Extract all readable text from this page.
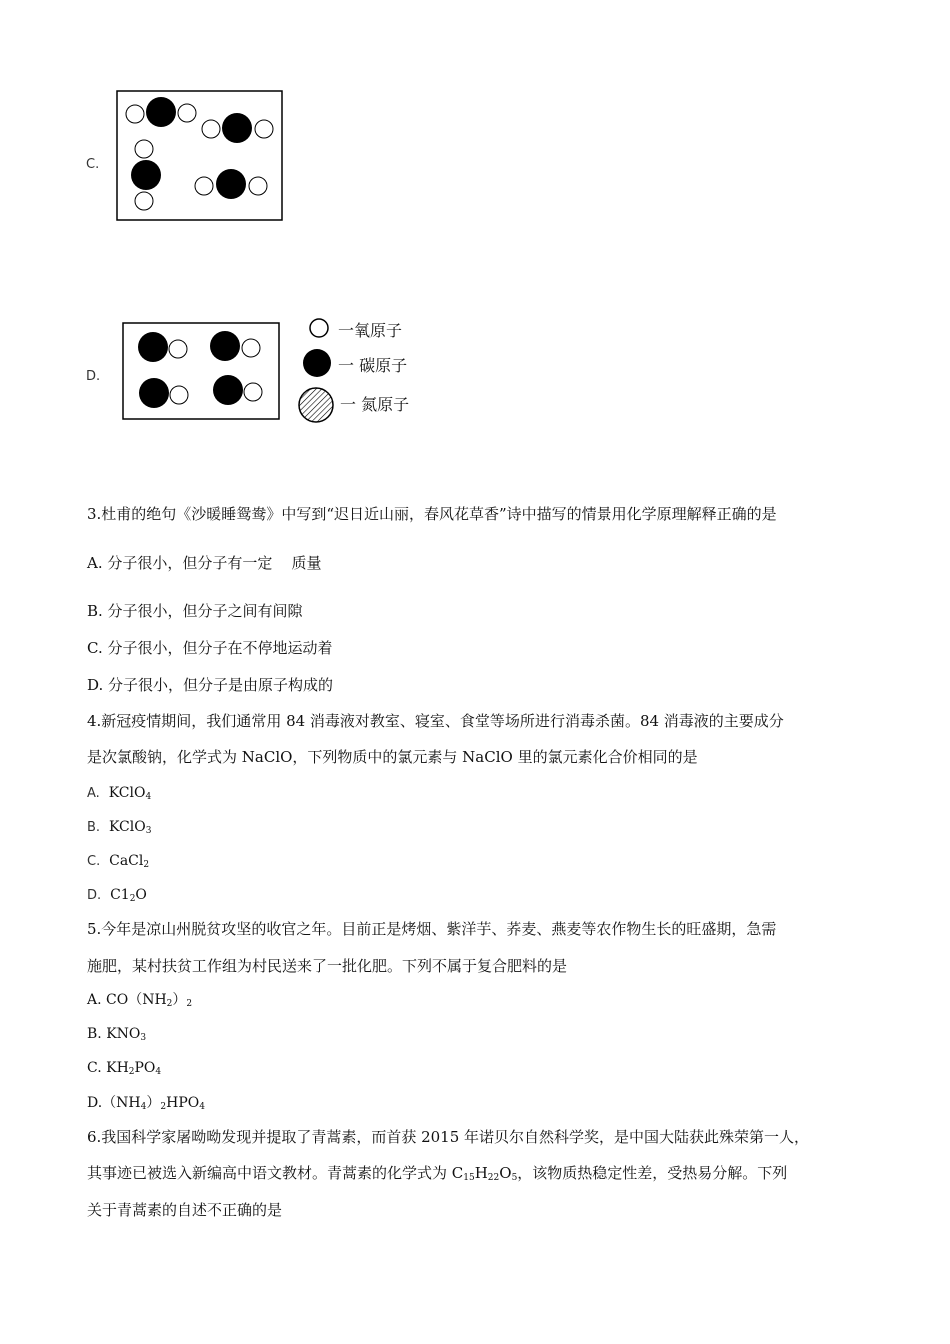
C.
D.
一氧原子
一 碳原子
一 氮原子
3.杜甫的绝句《沙暖睡鸳鸯》中写到“迟日近山丽，春风花草香”诗中描写的情景用化学原理解释正确的是
A. 分子很小，但分子有一定    质量
B. 分子很小，但分子之间有间隙
C. 分子很小，但分子在不停地运动着
D. 分子很小，但分子是由原子构成的
4.新冠疫情期间，我们通常用 84 消毒液对教室、寝室、食堂等场所进行消毒杀菌。84 消毒液的主要成分
是次氯酸钠，化学式为 NaClO，下列物质中的氯元素与 NaClO 里的氯元素化合价相同的是
A. KClO$_4$
B. KClO$_3$
C. CaCl$_2$
D. $C1_2O$
5.今年是凉山州脱贫攻坚的收官之年。目前正是烤烟、紫洋芋、荞麦、燕麦等农作物生长的旺盛期，急需
施肥，某村扶贫工作组为村民送来了一批化肥。下列不属于复合肥料的是
A. $CO(NH_2)_2$
B. $KNO_3$
C. $KH_2PO_4$
$D.(NH_4)_2HPO_4$
6.我国科学家屠呦呦发现并提取了青蒿素，而首获 2015 年诺贝尔自然科学奖，是中国大陆获此殊荣第一人，
其事迹已被选入新编高中语文教材。青蒿素的化学式为 $C_{15}H_{22}O_5$，该物质热稳定性差，受热易分解。下列
关于青蒿素的自述不正确的是
